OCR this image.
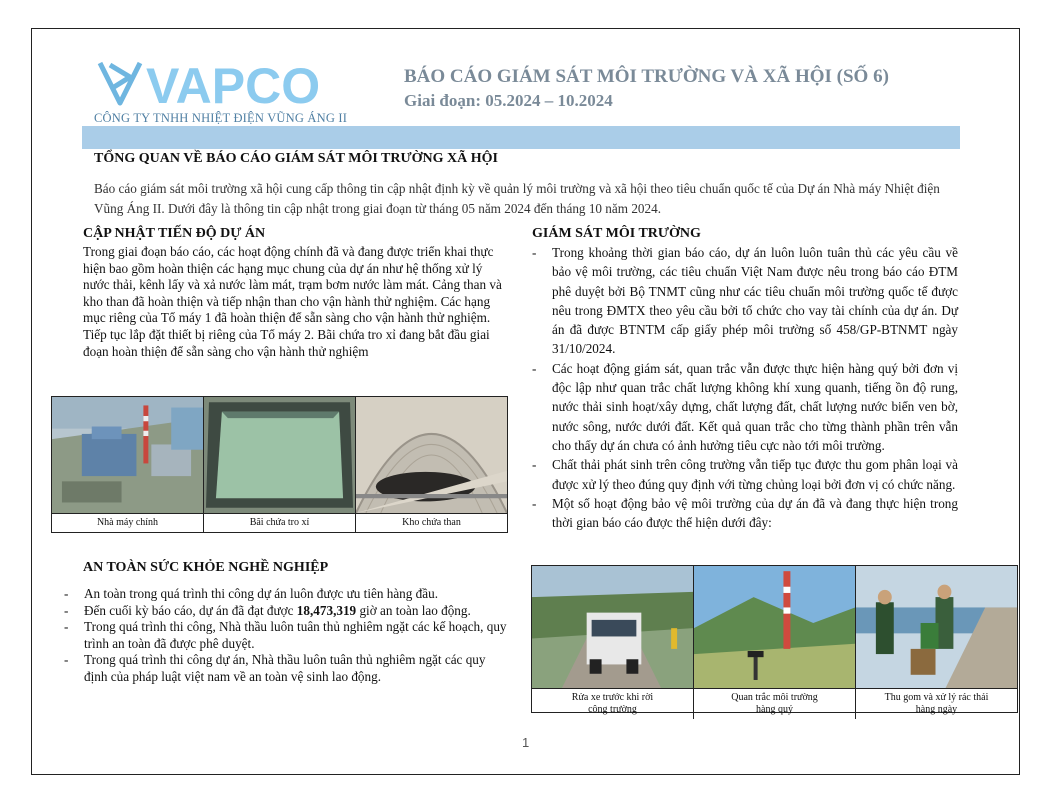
VAPCO
CÔNG TY TNHH NHIỆT ĐIỆN VŨNG ÁNG II
BÁO CÁO GIÁM SÁT MÔI TRƯỜNG VÀ XÃ HỘI (SỐ 6)
Giai đoạn: 05.2024 – 10.2024
TỔNG QUAN VỀ BÁO CÁO GIÁM SÁT MÔI TRƯỜNG XÃ HỘI
Báo cáo giám sát môi trường xã hội cung cấp thông tin cập nhật định kỳ về quản lý môi trường và xã hội theo tiêu chuẩn quốc tế của Dự án Nhà máy Nhiệt điện Vũng Áng II. Dưới đây là thông tin cập nhật trong giai đoạn từ tháng 05 năm 2024 đến tháng 10 năm 2024.
CẬP NHẬT TIẾN ĐỘ DỰ ÁN
Trong giai đoạn báo cáo, các hoạt động chính đã và đang được triển khai thực hiện bao gồm hoàn thiện các hạng mục chung của dự án như hệ thống xử lý nước thải, kênh lấy và xả nước làm mát, trạm bơm nước làm mát. Cảng than và kho than đã hoàn thiện và tiếp nhận than cho vận hành thử nghiệm. Các hạng mục riêng của Tổ máy 1 đã hoàn thiện để sẵn sàng cho vận hành thử nghiệm. Tiếp tục lắp đặt thiết bị riêng của Tổ máy 2. Bãi chứa tro xỉ đang bắt đầu giai đoạn hoàn thiện để sẵn sàng cho vận hành thử nghiệm
Nhà máy chính	Bãi chứa tro xỉ	Kho chứa than
AN TOÀN SỨC KHỎE NGHỀ NGHIỆP
- An toàn trong quá trình thi công dự án luôn được ưu tiên hàng đầu.
- Đến cuối kỳ báo cáo, dự án đã đạt được 18,473,319 giờ an toàn lao động.
- Trong quá trình thi công, Nhà thầu luôn tuân thủ nghiêm ngặt các kế hoạch, quy trình an toàn đã được phê duyệt.
- Trong quá trình thi công dự án, Nhà thầu luôn tuân thủ nghiêm ngặt các quy định của pháp luật việt nam về an toàn vệ sinh lao động.
GIÁM SÁT MÔI TRƯỜNG
- Trong khoảng thời gian báo cáo, dự án luôn luôn tuân thủ các yêu cầu về bảo vệ môi trường, các tiêu chuẩn Việt Nam được nêu trong báo cáo ĐTM phê duyệt bởi Bộ TNMT cũng như các tiêu chuẩn môi trường quốc tế được nêu trong ĐMTX theo yêu cầu bởi tổ chức cho vay tài chính của dự án. Dự án đã được BTNTM cấp giấy phép môi trường số 458/GP-BTNMT ngày 31/10/2024.
- Các hoạt động giám sát, quan trắc vẫn được thực hiện hàng quý bởi đơn vị độc lập như quan trắc chất lượng không khí xung quanh, tiếng ồn độ rung, nước thải sinh hoạt/xây dựng, chất lượng đất, chất lượng nước biển ven bờ, nước sông, nước dưới đất. Kết quả quan trắc cho từng thành phần trên vẫn cho thấy dự án chưa có ảnh hưởng tiêu cực nào tới môi trường.
- Chất thải phát sinh trên công trường vẫn tiếp tục được thu gom phân loại và được xử lý theo đúng quy định với từng chủng loại bởi đơn vị có chức năng.
- Một số hoạt động bảo vệ môi trường của dự án đã và đang thực hiện trong thời gian báo cáo được thể hiện dưới đây:
Rửa xe trước khi rời
công trường
Quan trắc môi trường
hàng quý
Thu gom và xử lý rác thải
hàng ngày
1
